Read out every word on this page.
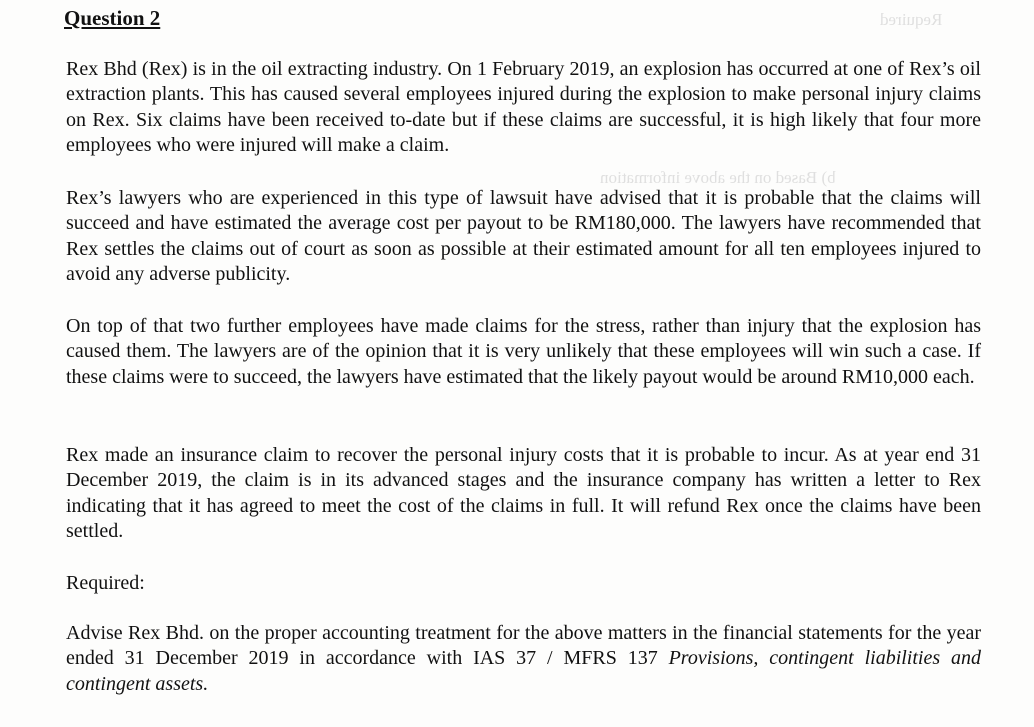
Required
b) Based on the above information
Question 2
Rex Bhd (Rex) is in the oil extracting industry. On 1 February 2019, an explosion has occurred at one of Rex’s oil extraction plants. This has caused several employees injured during the explosion to make personal injury claims on Rex. Six claims have been received to-date but if these claims are successful, it is high likely that four more employees who were injured will make a claim.
Rex’s lawyers who are experienced in this type of lawsuit have advised that it is probable that the claims will succeed and have estimated the average cost per payout to be RM180,000. The lawyers have recommended that Rex settles the claims out of court as soon as possible at their estimated amount for all ten employees injured to avoid any adverse publicity.
On top of that two further employees have made claims for the stress, rather than injury that the explosion has caused them. The lawyers are of the opinion that it is very unlikely that these employees will win such a case. If these claims were to succeed, the lawyers have estimated that the likely payout would be around RM10,000 each.
Rex made an insurance claim to recover the personal injury costs that it is probable to incur. As at year end 31 December 2019, the claim is in its advanced stages and the insurance company has written a letter to Rex indicating that it has agreed to meet the cost of the claims in full. It will refund Rex once the claims have been settled.
Required:
Advise Rex Bhd. on the proper accounting treatment for the above matters in the financial statements for the year ended 31 December 2019 in accordance with IAS 37 / MFRS 137 Provisions, contingent liabilities and contingent assets.
